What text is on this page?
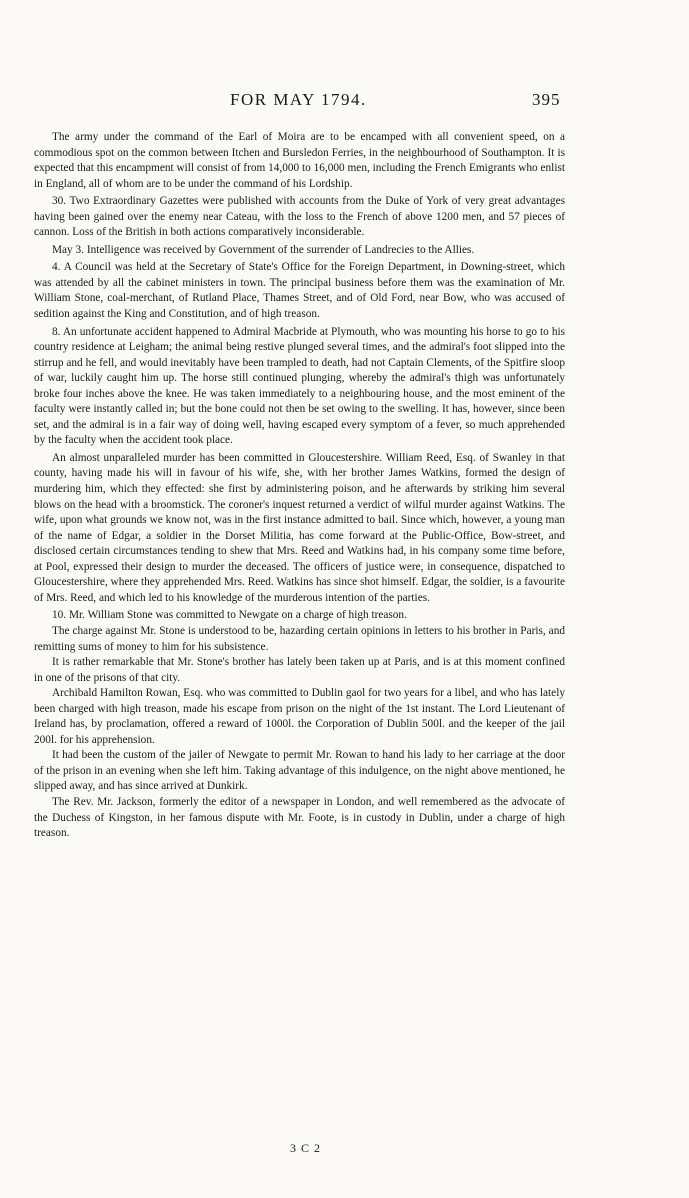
FOR MAY 1794.	395

The army under the command of the Earl of Moira are to be encamped with all convenient speed, on a commodious spot on the common between Itchen and Bursledon Ferries, in the neighbourhood of Southampton. It is expected that this encampment will consist of from 14,000 to 16,000 men, including the French Emigrants who enlist in England, all of whom are to be under the command of his Lordship.

30. Two Extraordinary Gazettes were published with accounts from the Duke of York of very great advantages having been gained over the enemy near Cateau, with the loss to the French of above 1200 men, and 57 pieces of cannon. Loss of the British in both actions comparatively inconsiderable.

May 3. Intelligence was received by Government of the surrender of Landrecies to the Allies.

4. A Council was held at the Secretary of State's Office for the Foreign Department, in Downing-street, which was attended by all the cabinet ministers in town. The principal business before them was the examination of Mr. William Stone, coal-merchant, of Rutland Place, Thames Street, and of Old Ford, near Bow, who was accused of sedition against the King and Constitution, and of high treason.

8. An unfortunate accident happened to Admiral Macbride at Plymouth, who was mounting his horse to go to his country residence at Leigham; the animal being restive plunged several times, and the admiral's foot slipped into the stirrup and he fell, and would inevitably have been trampled to death, had not Captain Clements, of the Spitfire sloop of war, luckily caught him up. The horse still continued plunging, whereby the admiral's thigh was unfortunately broke four inches above the knee. He was taken immediately to a neighbouring house, and the most eminent of the faculty were instantly called in; but the bone could not then be set owing to the swelling. It has, however, since been set, and the admiral is in a fair way of doing well, having escaped every symptom of a fever, so much apprehended by the faculty when the accident took place.

An almost unparalleled murder has been committed in Gloucestershire. William Reed, Esq. of Swanley in that county, having made his will in favour of his wife, she, with her brother James Watkins, formed the design of murdering him, which they effected: she first by administering poison, and he afterwards by striking him several blows on the head with a broomstick. The coroner's inquest returned a verdict of wilful murder against Watkins. The wife, upon what grounds we know not, was in the first instance admitted to bail. Since which, however, a young man of the name of Edgar, a soldier in the Dorset Militia, has come forward at the Public-Office, Bow-street, and disclosed certain circumstances tending to shew that Mrs. Reed and Watkins had, in his company some time before, at Pool, expressed their design to murder the deceased. The officers of justice were, in consequence, dispatched to Gloucestershire, where they apprehended Mrs. Reed. Watkins has since shot himself. Edgar, the soldier, is a favourite of Mrs. Reed, and which led to his knowledge of the murderous intention of the parties.

10. Mr. William Stone was committed to Newgate on a charge of high treason.

The charge against Mr. Stone is understood to be, hazarding certain opinions in letters to his brother in Paris, and remitting sums of money to him for his subsistence.

It is rather remarkable that Mr. Stone's brother has lately been taken up at Paris, and is at this moment confined in one of the prisons of that city.

Archibald Hamilton Rowan, Esq. who was committed to Dublin gaol for two years for a libel, and who has lately been charged with high treason, made his escape from prison on the night of the 1st instant. The Lord Lieutenant of Ireland has, by proclamation, offered a reward of 1000l. the Corporation of Dublin 500l. and the keeper of the jail 200l. for his apprehension.

It had been the custom of the jailer of Newgate to permit Mr. Rowan to hand his lady to her carriage at the door of the prison in an evening when she left him. Taking advantage of this indulgence, on the night above mentioned, he slipped away, and has since arrived at Dunkirk.

The Rev. Mr. Jackson, formerly the editor of a newspaper in London, and well remembered as the advocate of the Duchess of Kingston, in her famous dispute with Mr. Foote, is in custody in Dublin, under a charge of high treason.

3 C 2
